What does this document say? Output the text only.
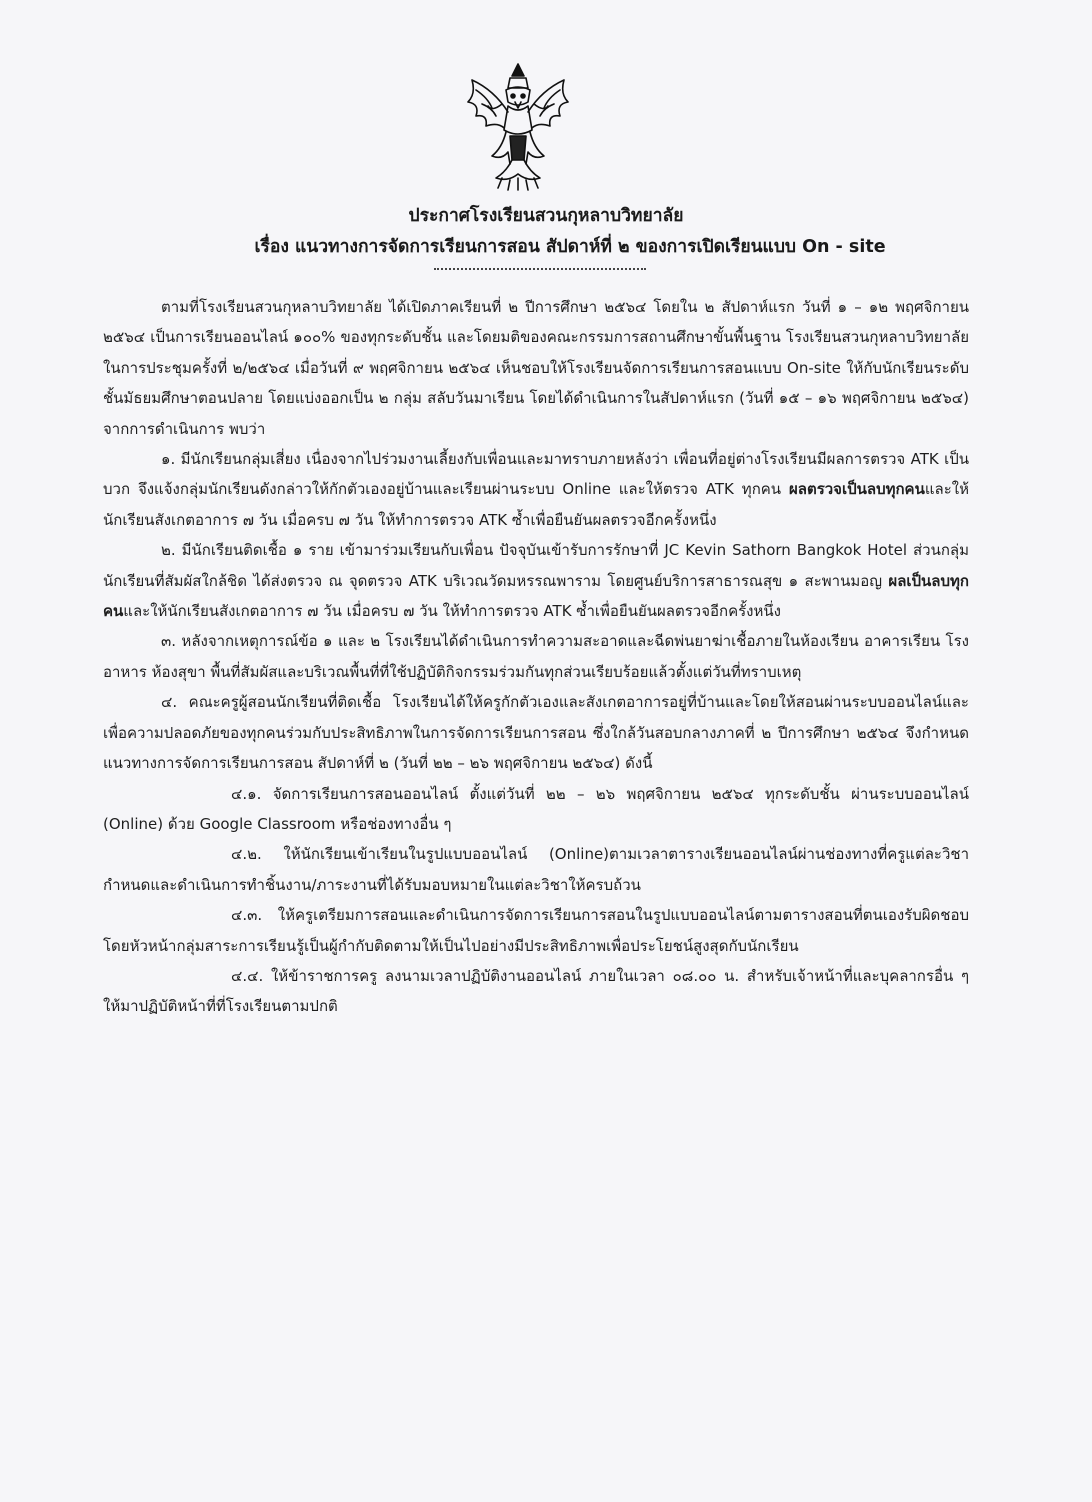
ประกาศโรงเรียนสวนกุหลาบวิทยาลัย
เรื่อง แนวทางการจัดการเรียนการสอน สัปดาห์ที่ ๒ ของการเปิดเรียนแบบ On - site

ตามที่โรงเรียนสวนกุหลาบวิทยาลัย ได้เปิดภาคเรียนที่ ๒ ปีการศึกษา ๒๕๖๔ โดยใน ๒ สัปดาห์แรก วันที่ ๑ – ๑๒ พฤศจิกายน ๒๕๖๔ เป็นการเรียนออนไลน์ ๑๐๐% ของทุกระดับชั้น และโดยมติของคณะกรรมการสถานศึกษาขั้นพื้นฐาน โรงเรียนสวนกุหลาบวิทยาลัย ในการประชุมครั้งที่ ๒/๒๕๖๔ เมื่อวันที่ ๙ พฤศจิกายน ๒๕๖๔ เห็นชอบให้โรงเรียนจัดการเรียนการสอนแบบ On-site ให้กับนักเรียนระดับชั้นมัธยมศึกษาตอนปลาย โดยแบ่งออกเป็น ๒ กลุ่ม สลับวันมาเรียน โดยได้ดำเนินการในสัปดาห์แรก (วันที่ ๑๕ – ๑๖ พฤศจิกายน ๒๕๖๔) จากการดำเนินการ พบว่า

๑. มีนักเรียนกลุ่มเสี่ยง เนื่องจากไปร่วมงานเลี้ยงกับเพื่อนและมาทราบภายหลังว่า เพื่อนที่อยู่ต่างโรงเรียนมีผลการตรวจ ATK เป็นบวก จึงแจ้งกลุ่มนักเรียนดังกล่าวให้กักตัวเองอยู่บ้านและเรียนผ่านระบบ Online และให้ตรวจ ATK ทุกคน ผลตรวจเป็นลบทุกคนและให้นักเรียนสังเกตอาการ ๗ วัน เมื่อครบ ๗ วัน ให้ทำการตรวจ ATK ซ้ำเพื่อยืนยันผลตรวจอีกครั้งหนึ่ง

๒. มีนักเรียนติดเชื้อ ๑ ราย เข้ามาร่วมเรียนกับเพื่อน ปัจจุบันเข้ารับการรักษาที่ JC Kevin Sathorn Bangkok Hotel ส่วนกลุ่มนักเรียนที่สัมผัสใกล้ชิด ได้ส่งตรวจ ณ จุดตรวจ ATK บริเวณวัดมหรรณพาราม โดยศูนย์บริการสาธารณสุข ๑ สะพานมอญ ผลเป็นลบทุกคนและให้นักเรียนสังเกตอาการ ๗ วัน เมื่อครบ ๗ วัน ให้ทำการตรวจ ATK ซ้ำเพื่อยืนยันผลตรวจอีกครั้งหนึ่ง

๓. หลังจากเหตุการณ์ข้อ ๑ และ ๒ โรงเรียนได้ดำเนินการทำความสะอาดและฉีดพ่นยาฆ่าเชื้อภายในห้องเรียน อาคารเรียน โรงอาหาร ห้องสุขา พื้นที่สัมผัสและบริเวณพื้นที่ที่ใช้ปฏิบัติกิจกรรมร่วมกันทุกส่วนเรียบร้อยแล้วตั้งแต่วันที่ทราบเหตุ

๔. คณะครูผู้สอนนักเรียนที่ติดเชื้อ โรงเรียนได้ให้ครูกักตัวเองและสังเกตอาการอยู่ที่บ้านและโดยให้สอนผ่านระบบออนไลน์และเพื่อความปลอดภัยของทุกคนร่วมกับประสิทธิภาพในการจัดการเรียนการสอน ซึ่งใกล้วันสอบกลางภาคที่ ๒ ปีการศึกษา ๒๕๖๔ จึงกำหนดแนวทางการจัดการเรียนการสอน สัปดาห์ที่ ๒ (วันที่ ๒๒ – ๒๖ พฤศจิกายน ๒๕๖๔) ดังนี้

๔.๑. จัดการเรียนการสอนออนไลน์ ตั้งแต่วันที่ ๒๒ – ๒๖ พฤศจิกายน ๒๕๖๔ ทุกระดับชั้น ผ่านระบบออนไลน์ (Online) ด้วย Google Classroom หรือช่องทางอื่น ๆ

๔.๒. ให้นักเรียนเข้าเรียนในรูปแบบออนไลน์ (Online)ตามเวลาตารางเรียนออนไลน์ผ่านช่องทางที่ครูแต่ละวิชากำหนดและดำเนินการทำชิ้นงาน/ภาระงานที่ได้รับมอบหมายในแต่ละวิชาให้ครบถ้วน

๔.๓. ให้ครูเตรียมการสอนและดำเนินการจัดการเรียนการสอนในรูปแบบออนไลน์ตามตารางสอนที่ตนเองรับผิดชอบ โดยหัวหน้ากลุ่มสาระการเรียนรู้เป็นผู้กำกับติดตามให้เป็นไปอย่างมีประสิทธิภาพเพื่อประโยชน์สูงสุดกับนักเรียน

๔.๔. ให้ข้าราชการครู ลงนามเวลาปฏิบัติงานออนไลน์ ภายในเวลา ๐๘.๐๐ น. สำหรับเจ้าหน้าที่และบุคลากรอื่น ๆ ให้มาปฏิบัติหน้าที่ที่โรงเรียนตามปกติ
